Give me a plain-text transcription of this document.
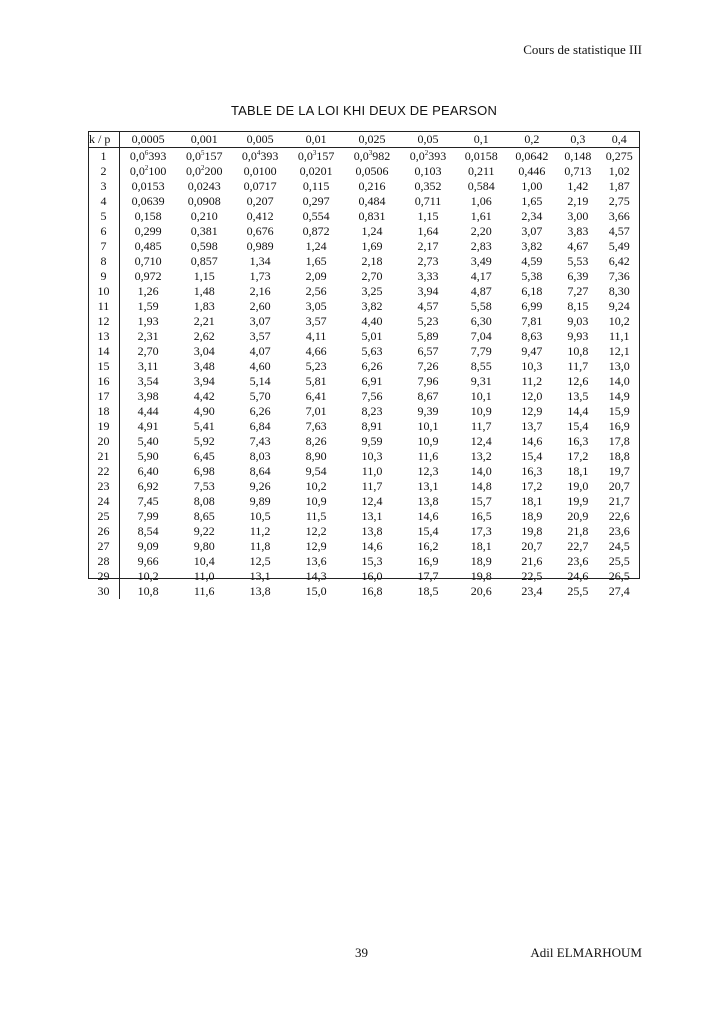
Cours de statistique III
TABLE DE LA LOI KHI DEUX DE PEARSON
k / p	0,0005	0,001	0,005	0,01	0,025	0,05	0,1	0,2	0,3	0,4
1	$0,0^6393$	$0,0^5157$	$0,0^4393$	$0,0^3157$	$0,0^3982$	$0,0^2393$	0,0158	0,0642	0,148	0,275
2	$0,0^2100$	$0,0^2200$	0,0100	0,0201	0,0506	0,103	0,211	0,446	0,713	1,02
3	0,0153	0,0243	0,0717	0,115	0,216	0,352	0,584	1,00	1,42	1,87
4	0,0639	0,0908	0,207	0,297	0,484	0,711	1,06	1,65	2,19	2,75
5	0,158	0,210	0,412	0,554	0,831	1,15	1,61	2,34	3,00	3,66
6	0,299	0,381	0,676	0,872	1,24	1,64	2,20	3,07	3,83	4,57
7	0,485	0,598	0,989	1,24	1,69	2,17	2,83	3,82	4,67	5,49
8	0,710	0,857	1,34	1,65	2,18	2,73	3,49	4,59	5,53	6,42
9	0,972	1,15	1,73	2,09	2,70	3,33	4,17	5,38	6,39	7,36
10	1,26	1,48	2,16	2,56	3,25	3,94	4,87	6,18	7,27	8,30
11	1,59	1,83	2,60	3,05	3,82	4,57	5,58	6,99	8,15	9,24
12	1,93	2,21	3,07	3,57	4,40	5,23	6,30	7,81	9,03	10,2
13	2,31	2,62	3,57	4,11	5,01	5,89	7,04	8,63	9,93	11,1
14	2,70	3,04	4,07	4,66	5,63	6,57	7,79	9,47	10,8	12,1
15	3,11	3,48	4,60	5,23	6,26	7,26	8,55	10,3	11,7	13,0
16	3,54	3,94	5,14	5,81	6,91	7,96	9,31	11,2	12,6	14,0
17	3,98	4,42	5,70	6,41	7,56	8,67	10,1	12,0	13,5	14,9
18	4,44	4,90	6,26	7,01	8,23	9,39	10,9	12,9	14,4	15,9
19	4,91	5,41	6,84	7,63	8,91	10,1	11,7	13,7	15,4	16,9
20	5,40	5,92	7,43	8,26	9,59	10,9	12,4	14,6	16,3	17,8
21	5,90	6,45	8,03	8,90	10,3	11,6	13,2	15,4	17,2	18,8
22	6,40	6,98	8,64	9,54	11,0	12,3	14,0	16,3	18,1	19,7
23	6,92	7,53	9,26	10,2	11,7	13,1	14,8	17,2	19,0	20,7
24	7,45	8,08	9,89	10,9	12,4	13,8	15,7	18,1	19,9	21,7
25	7,99	8,65	10,5	11,5	13,1	14,6	16,5	18,9	20,9	22,6
26	8,54	9,22	11,2	12,2	13,8	15,4	17,3	19,8	21,8	23,6
27	9,09	9,80	11,8	12,9	14,6	16,2	18,1	20,7	22,7	24,5
28	9,66	10,4	12,5	13,6	15,3	16,9	18,9	21,6	23,6	25,5
29	10,2	11,0	13,1	14,3	16,0	17,7	19,8	22,5	24,6	26,5
30	10,8	11,6	13,8	15,0	16,8	18,5	20,6	23,4	25,5	27,4
39	Adil ELMARHOUM
